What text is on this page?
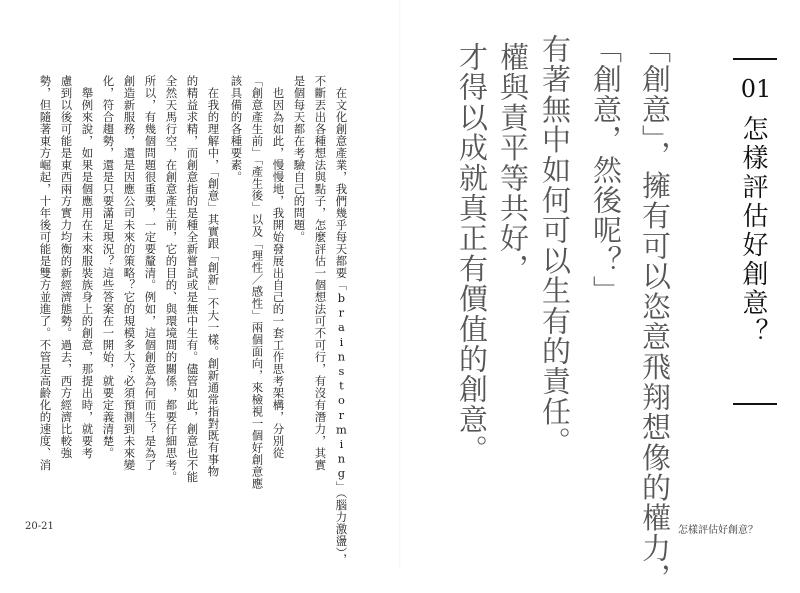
在文化創意產業，我們幾乎每天都要「brainstorming」（腦力激盪），
不斷丟出各種想法與點子，怎麼評估一個想法可不可行，有沒有潛力，其實
是個每天都在考驗自己的問題。
也因為如此，慢慢地，我開始發展出自己的一套工作思考架構，分別從
「創意產生前」「產生後」以及「理性／感性」兩個面向，來檢視一個好創意應
該具備的各種要素。
在我的理解中，「創意」其實跟「創新」不大一樣。創新通常指對既有事物
的精益求精，而創意指的是種全新嘗試或是無中生有。儘管如此，創意也不能
全然天馬行空，在創意產生前，它的目的、與環境間的關係，都要仔細思考。
所以，有幾個問題很重要，一定要釐清。例如，這個創意為何而生？是為了
創造新服務，還是因應公司未來的策略？它的規模多大？必須預測到未來變
化，符合趨勢，還是只要滿足現況？這些答案在一開始，就要定義清楚。
舉例來說，如果是個應用在未來服裝族身上的創意，那提出時，就要考
慮到以後可能是東西兩方實力均衡的新經濟態勢。過去，西方經濟比較強
勢，但隨著東方崛起，十年後可能是雙方並進了。不管是高齡化的速度、消
20-21	「創意」，擁有可以恣意飛翔想像的權力，
「創意，然後呢？」
有著無中如何可以生有的責任。
權與責平等共好，
才得以成就真正有價值的創意。	01
怎樣評估好創意？
怎樣評估好創意？
